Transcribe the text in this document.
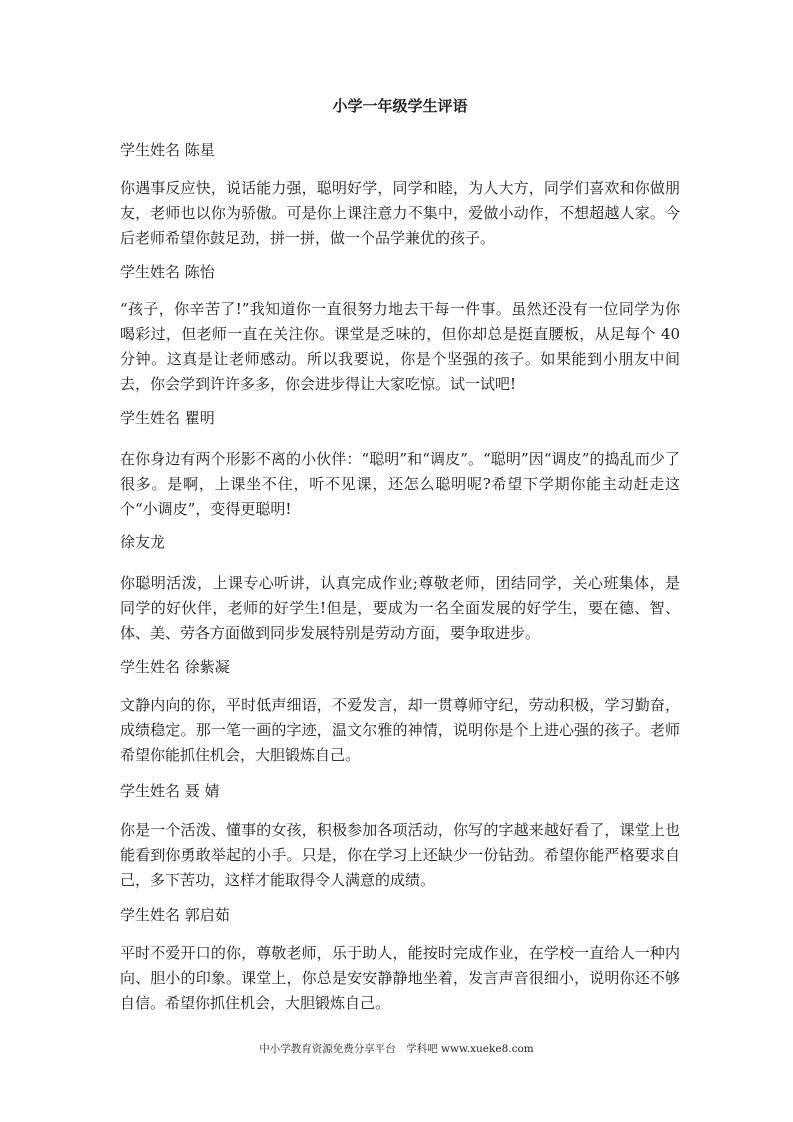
小学一年级学生评语
学生姓名 陈星
你遇事反应快，说话能力强，聪明好学，同学和睦，为人大方，同学们喜欢和你做朋友，老师也以你为骄傲。可是你上课注意力不集中，爱做小动作，不想超越人家。今后老师希望你鼓足劲，拼一拼，做一个品学兼优的孩子。
学生姓名 陈怡
“孩子，你辛苦了!”我知道你一直很努力地去干每一件事。虽然还没有一位同学为你喝彩过，但老师一直在关注你。课堂是乏味的，但你却总是挺直腰板，从足每个 40 分钟。这真是让老师感动。所以我要说，你是个坚强的孩子。如果能到小朋友中间去，你会学到许许多多，你会进步得让大家吃惊。试一试吧!
学生姓名 瞿明
在你身边有两个形影不离的小伙伴：“聪明”和“调皮”。“聪明”因“调皮”的捣乱而少了很多。是啊，上课坐不住，听不见课，还怎么聪明呢?希望下学期你能主动赶走这个“小调皮”，变得更聪明!
徐友龙
你聪明活泼，上课专心听讲，认真完成作业;尊敬老师，团结同学，关心班集体，是同学的好伙伴，老师的好学生!但是，要成为一名全面发展的好学生，要在德、智、体、美、劳各方面做到同步发展特别是劳动方面，要争取进步。
学生姓名 徐紫凝
文静内向的你，平时低声细语，不爱发言，却一贯尊师守纪，劳动积极，学习勤奋，成绩稳定。那一笔一画的字迹，温文尔雅的神情，说明你是个上进心强的孩子。老师希望你能抓住机会，大胆锻炼自己。
学生姓名 聂 婧
你是一个活泼、懂事的女孩，积极参加各项活动，你写的字越来越好看了，课堂上也能看到你勇敢举起的小手。只是，你在学习上还缺少一份钻劲。希望你能严格要求自己，多下苦功，这样才能取得令人满意的成绩。
学生姓名 郭启茹
平时不爱开口的你，尊敬老师，乐于助人，能按时完成作业，在学校一直给人一种内向、胆小的印象。课堂上，你总是安安静静地坐着，发言声音很细小，说明你还不够自信。希望你抓住机会，大胆锻炼自己。
中小学教育资源免费分享平台　学科吧 www.xueke8.com
